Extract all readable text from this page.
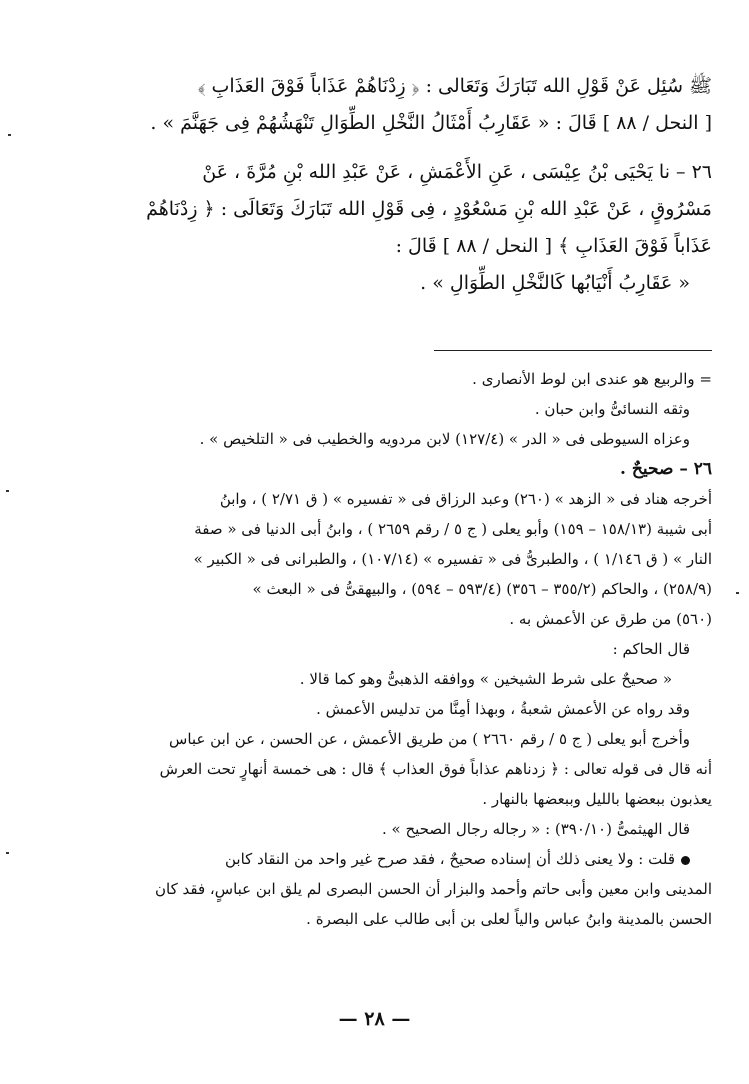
ﷺ سُئِل عَنْ قَوْلِ الله تَبَارَكَ وَتَعَالى : ﴿ زِدْنَاهُمْ عَذَاباً فَوْقَ العَذَابِ ﴾
[ النحل / ٨٨ ] قَالَ : « عَقَارِبُ أَمْثَالُ النَّخْلِ الطِّوَالِ تَنْهَشُهُمْ فِى جَهَنَّمَ » .
٢٦ – نا يَحْيَى بْنُ عِيْسَى ، عَنِ الأَعْمَشِ ، عَنْ عَبْدِ الله بْنِ مُرَّةَ ، عَنْ
مَسْرُوقٍ ، عَنْ عَبْدِ الله بْنِ مَسْعُوْدٍ ، فِى قَوْلِ الله تَبَارَكَ وَتَعَالَى : ﴿ زِدْنَاهُمْ
عَذَاباً فَوْقَ العَذَابِ ﴾ [ النحل / ٨٨ ] قَالَ :
« عَقَارِبُ أَنْيَابُها كَالنَّخْلِ الطِّوَالِ » .
= والربيع هو عندى ابن لوط الأنصارى .
وثقه النسائىُّ وابن حبان .
وعزاه السيوطى فى « الدر » (١٢٧/٤) لابن مردويه والخطيب فى « التلخيص » .
٢٦ – صحيحٌ .
أخرجه هناد فى « الزهد » (٢٦٠) وعبد الرزاق فى « تفسيره » ( ق ٢/٧١ ) ، وابنُ
أبى شيبة (١٥٨/١٣ – ١٥٩) وأبو يعلى ( ج ٥ / رقم ٢٦٥٩ ) ، وابنُ أبى الدنيا فى « صفة
النار » ( ق ١/١٤٦ ) ، والطبرىُّ فى « تفسيره » (١٠٧/١٤) ، والطبرانى فى « الكبير »
(٢٥٨/٩) ، والحاكم (٣٥٥/٢ – ٣٥٦) (٥٩٣/٤ – ٥٩٤) ، والبيهقىُّ فى « البعث »
(٥٦٠) من طرق عن الأعمش به .
قال الحاكم :
« صحيحٌ على شرط الشيخين » ووافقه الذهبىُّ وهو كما قالا .
وقد رواه عن الأعمش شعبةُ ، وبهذا أمِنَّا من تدليس الأعمش .
وأخرج أبو يعلى ( ج ٥ / رقم ٢٦٦٠ ) من طريق الأعمش ، عن الحسن ، عن ابن عباس
أنه قال فى قوله تعالى : ﴿ زدناهم عذاباً فوق العذاب ﴾ قال : هى خمسة أنهارٍ تحت العرش
يعذبون ببعضها بالليل وببعضها بالنهار .
قال الهيثمىُّ (٣٩٠/١٠) : « رجاله رجال الصحيح » .
قلت : ولا يعنى ذلك أن إسناده صحيحٌ ، فقد صرح غير واحد من النقاد كابن
المدينى وابن معين وأبى حاتم وأحمد والبزار أن الحسن البصرى لم يلق ابن عباسٍ، فقد كان
الحسن بالمدينة وابنُ عباس والياً لعلى بن أبى طالب على البصرة .
— ٢٨ —
